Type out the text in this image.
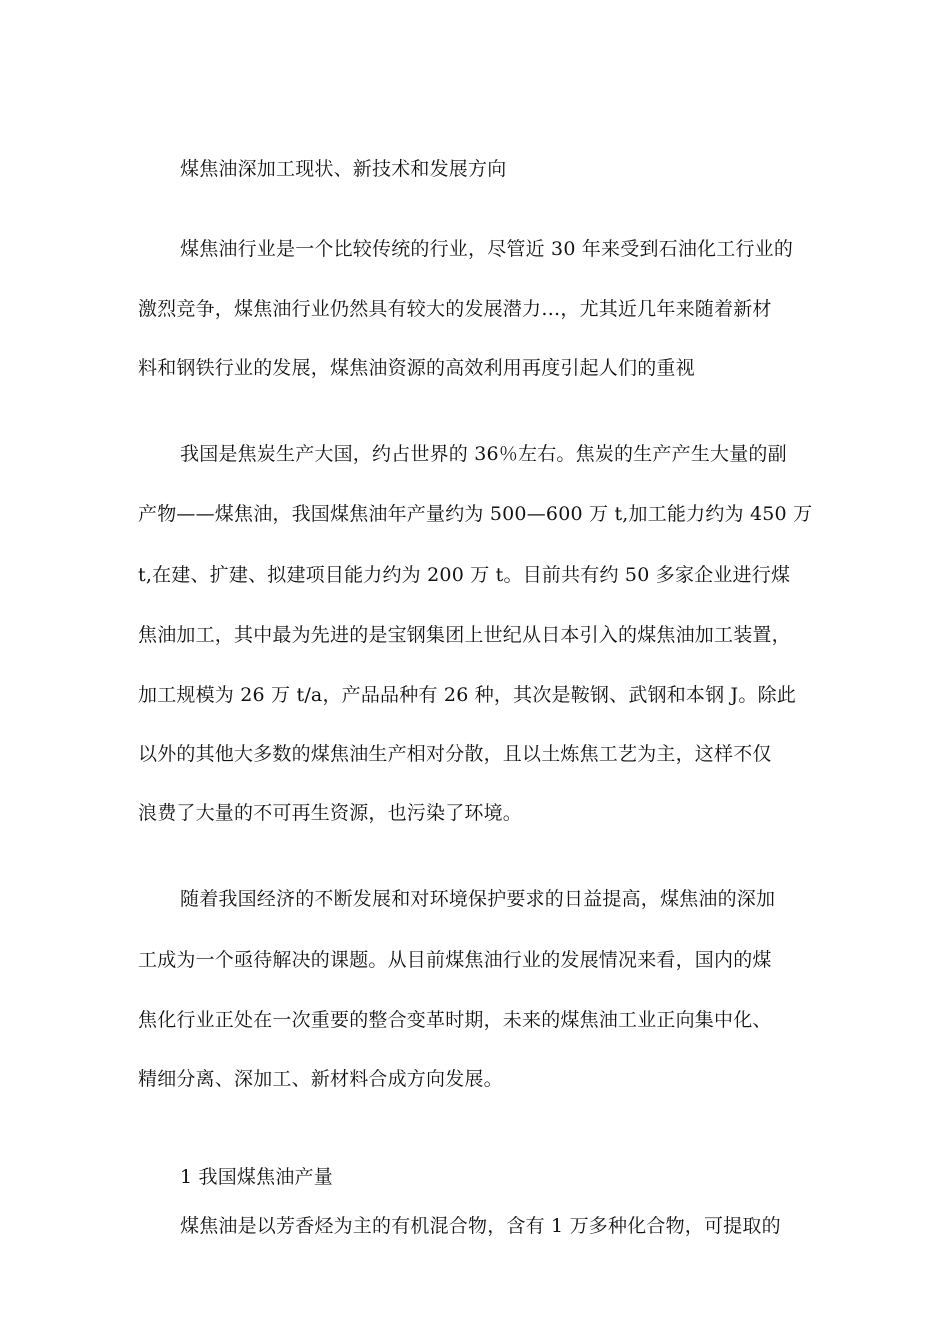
煤焦油深加工现状、新技术和发展方向
煤焦油行业是一个比较传统的行业，尽管近 30 年来受到石油化工行业的
激烈竞争，煤焦油行业仍然具有较大的发展潜力…，尤其近几年来随着新材
料和钢铁行业的发展，煤焦油资源的高效利用再度引起人们的重视
我国是焦炭生产大国，约占世界的 36％左右。焦炭的生产产生大量的副
产物——煤焦油，我国煤焦油年产量约为 500—600 万 t,加工能力约为 450 万
t,在建、扩建、拟建项目能力约为 200 万 t。目前共有约 50 多家企业进行煤
焦油加工，其中最为先进的是宝钢集团上世纪从日本引入的煤焦油加工装置，
加工规模为 26 万 t/a，产品品种有 26 种，其次是鞍钢、武钢和本钢 J。除此
以外的其他大多数的煤焦油生产相对分散，且以土炼焦工艺为主，这样不仅
浪费了大量的不可再生资源，也污染了环境。
随着我国经济的不断发展和对环境保护要求的日益提高，煤焦油的深加
工成为一个亟待解决的课题。从目前煤焦油行业的发展情况来看，国内的煤
焦化行业正处在一次重要的整合变革时期，未来的煤焦油工业正向集中化、
精细分离、深加工、新材料合成方向发展。
1 我国煤焦油产量
煤焦油是以芳香烃为主的有机混合物，含有 1 万多种化合物，可提取的
